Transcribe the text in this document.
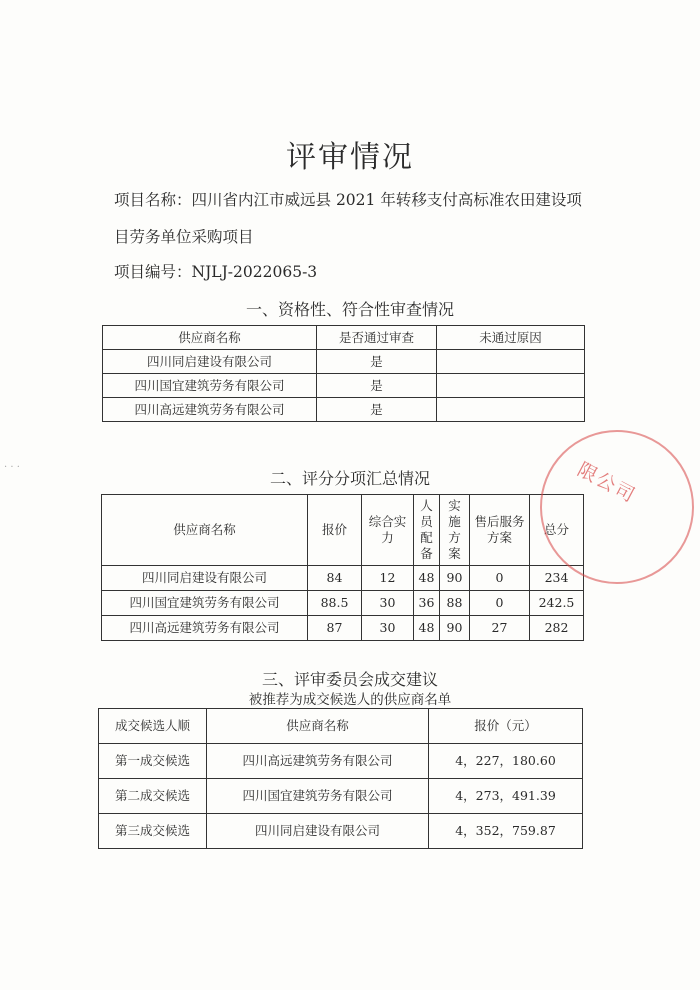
· · ·
评审情况
项目名称：四川省内江市威远县 2021 年转移支付高标准农田建设项
目劳务单位采购项目
项目编号：NJLJ-2022065-3
一、资格性、符合性审查情况
供应商名称	是否通过审查	未通过原因
四川同启建设有限公司	是	
四川国宜建筑劳务有限公司	是	
四川高远建筑劳务有限公司	是	
二、评分分项汇总情况
供应商名称	报价	综合实力	人员配备	实施方案	售后服务方案	总分
四川同启建设有限公司	84	12	48	90	0	234
四川国宜建筑劳务有限公司	88.5	30	36	88	0	242.5
四川高远建筑劳务有限公司	87	30	48	90	27	282
三、评审委员会成交建议
被推荐为成交候选人的供应商名单
成交候选人顺	供应商名称	报价（元）
第一成交候选	四川高远建筑劳务有限公司	4，227，180.60
第二成交候选	四川国宜建筑劳务有限公司	4，273，491.39
第三成交候选	四川同启建设有限公司	4，352，759.87
限公司
